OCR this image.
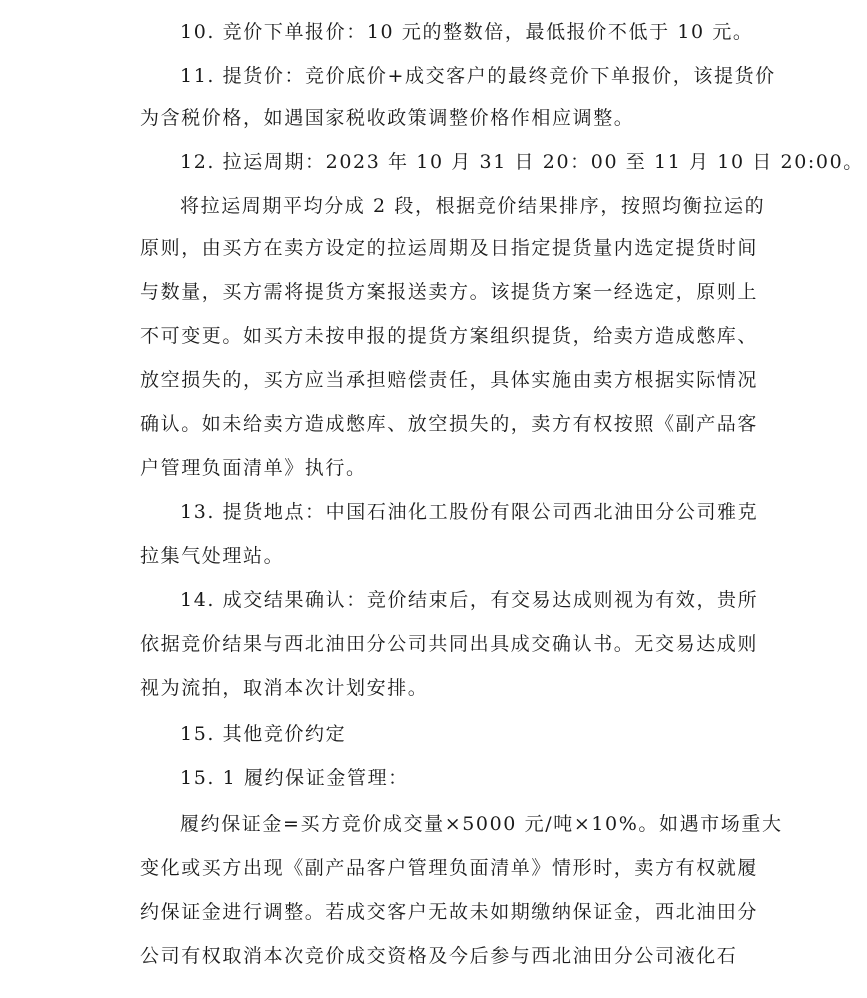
10. 竞价下单报价：10 元的整数倍，最低报价不低于 10 元。
11. 提货价：竞价底价+成交客户的最终竞价下单报价，该提货价
为含税价格，如遇国家税收政策调整价格作相应调整。
12. 拉运周期：2023 年 10 月 31 日 20：00 至 11 月 10 日 20:00。
将拉运周期平均分成 2 段，根据竞价结果排序，按照均衡拉运的
原则，由买方在卖方设定的拉运周期及日指定提货量内选定提货时间
与数量，买方需将提货方案报送卖方。该提货方案一经选定，原则上
不可变更。如买方未按申报的提货方案组织提货，给卖方造成憋库、
放空损失的，买方应当承担赔偿责任，具体实施由卖方根据实际情况
确认。如未给卖方造成憋库、放空损失的，卖方有权按照《副产品客
户管理负面清单》执行。
13. 提货地点：中国石油化工股份有限公司西北油田分公司雅克
拉集气处理站。
14. 成交结果确认：竞价结束后，有交易达成则视为有效，贵所
依据竞价结果与西北油田分公司共同出具成交确认书。无交易达成则
视为流拍，取消本次计划安排。
15. 其他竞价约定
15. 1 履约保证金管理：
履约保证金=买方竞价成交量×5000 元/吨×10%。如遇市场重大
变化或买方出现《副产品客户管理负面清单》情形时，卖方有权就履
约保证金进行调整。若成交客户无故未如期缴纳保证金，西北油田分
公司有权取消本次竞价成交资格及今后参与西北油田分公司液化石
